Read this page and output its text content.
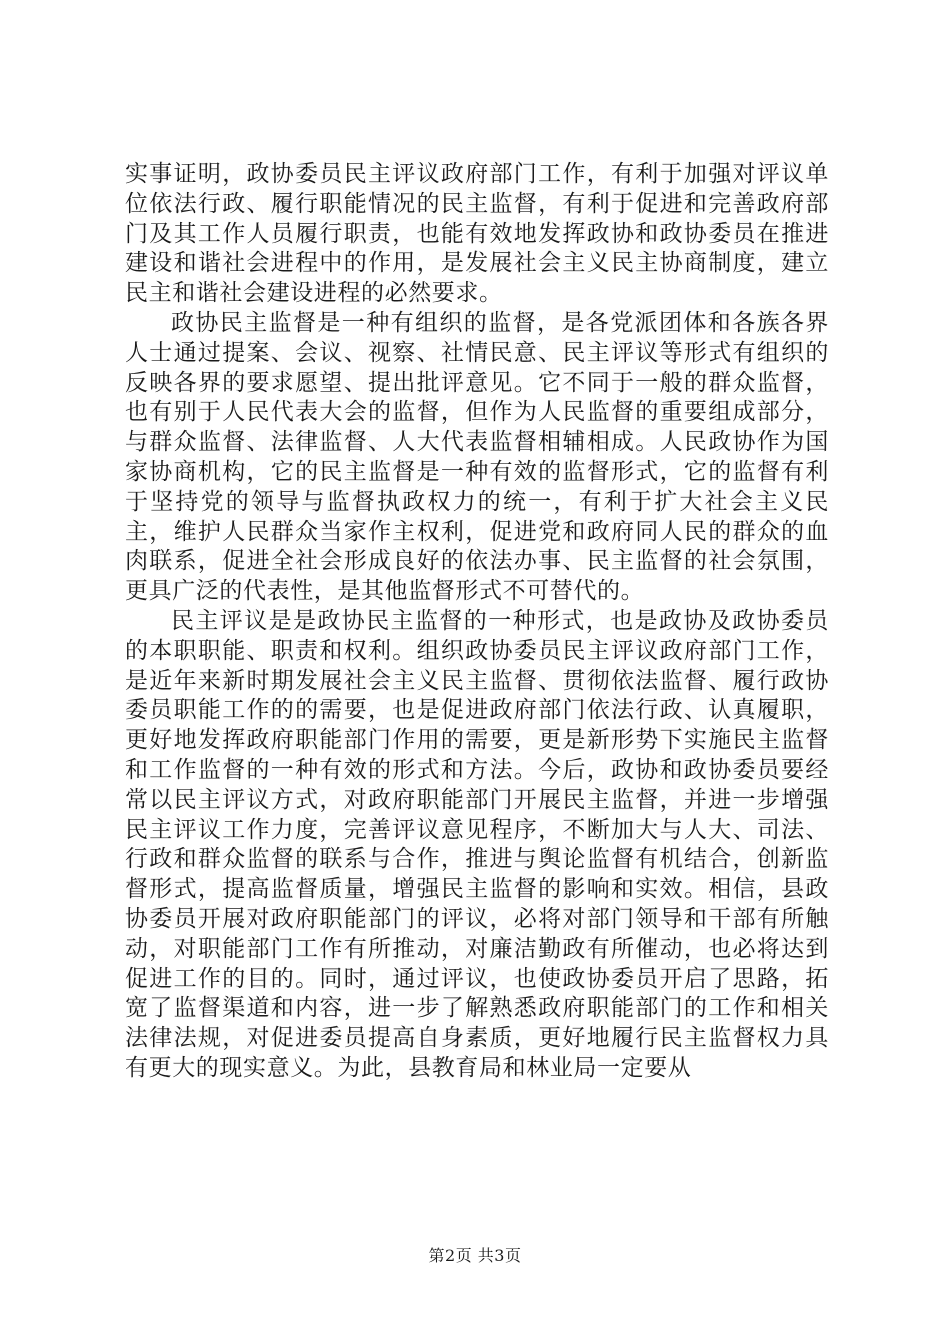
实事证明，政协委员民主评议政府部门工作，有利于加强对评议单位依法行政、履行职能情况的民主监督，有利于促进和完善政府部门及其工作人员履行职责，也能有效地发挥政协和政协委员在推进建设和谐社会进程中的作用，是发展社会主义民主协商制度，建立民主和谐社会建设进程的必然要求。

政协民主监督是一种有组织的监督，是各党派团体和各族各界人士通过提案、会议、视察、社情民意、民主评议等形式有组织的反映各界的要求愿望、提出批评意见。它不同于一般的群众监督，也有别于人民代表大会的监督，但作为人民监督的重要组成部分，与群众监督、法律监督、人大代表监督相辅相成。人民政协作为国家协商机构，它的民主监督是一种有效的监督形式，它的监督有利于坚持党的领导与监督执政权力的统一，有利于扩大社会主义民主，维护人民群众当家作主权利，促进党和政府同人民的群众的血肉联系，促进全社会形成良好的依法办事、民主监督的社会氛围，更具广泛的代表性，是其他监督形式不可替代的。

民主评议是是政协民主监督的一种形式，也是政协及政协委员的本职职能、职责和权利。组织政协委员民主评议政府部门工作，是近年来新时期发展社会主义民主监督、贯彻依法监督、履行政协委员职能工作的的需要，也是促进政府部门依法行政、认真履职，更好地发挥政府职能部门作用的需要，更是新形势下实施民主监督和工作监督的一种有效的形式和方法。今后，政协和政协委员要经常以民主评议方式，对政府职能部门开展民主监督，并进一步增强民主评议工作力度，完善评议意见程序，不断加大与人大、司法、行政和群众监督的联系与合作，推进与舆论监督有机结合，创新监督形式，提高监督质量，增强民主监督的影响和实效。相信，县政协委员开展对政府职能部门的评议，必将对部门领导和干部有所触动，对职能部门工作有所推动，对廉洁勤政有所催动，也必将达到促进工作的目的。同时，通过评议，也使政协委员开启了思路，拓宽了监督渠道和内容，进一步了解熟悉政府职能部门的工作和相关法律法规，对促进委员提高自身素质，更好地履行民主监督权力具有更大的现实意义。为此，县教育局和林业局一定要从

第2页 共3页
